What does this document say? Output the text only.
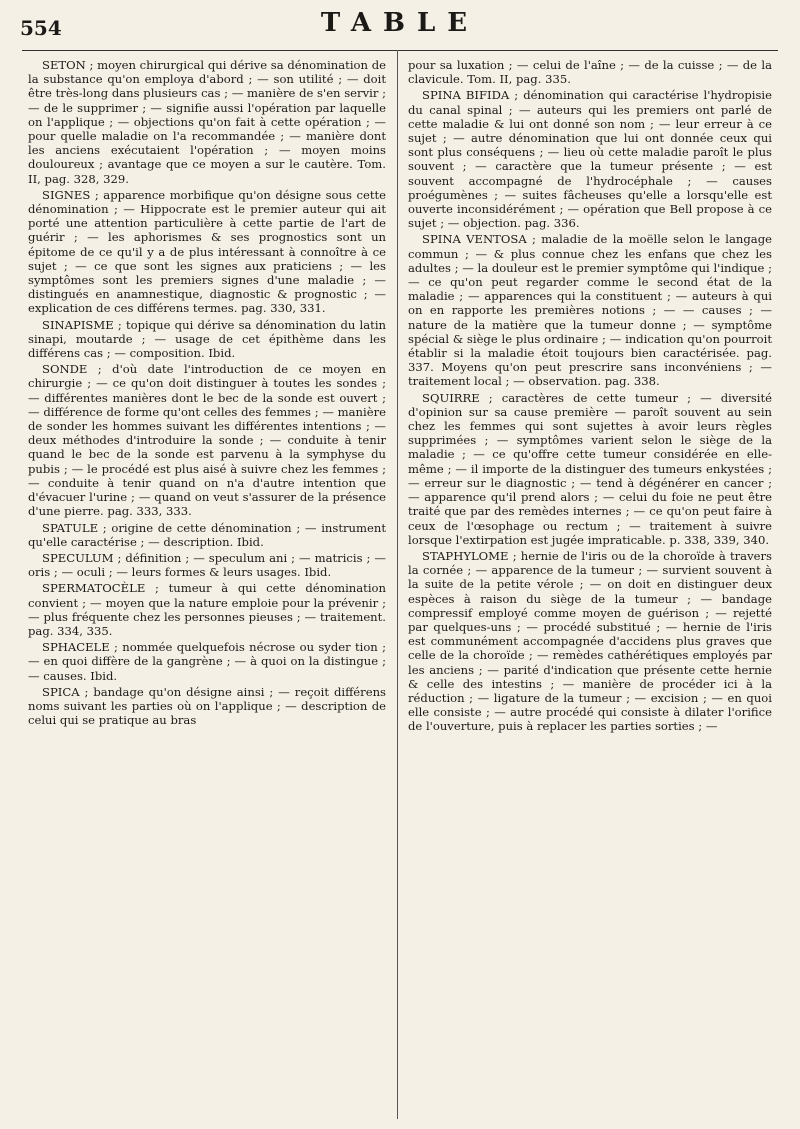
554	TABLE

SETON ; moyen chirurgical qui dérive sa dénomination de la substance qu'on employa d'abord ; — son utilité ; — doit être très-long dans plusieurs cas ; — manière de s'en servir ; — de le supprimer ; — signifie aussi l'opération par laquelle on l'applique ; — objections qu'on fait à cette opération ; — pour quelle maladie on l'a recommandée ; — manière dont les anciens exécutaient l'opération ; — moyen moins douloureux ; avantage que ce moyen a sur le cautère. Tom. II, pag. 328, 329.

SIGNES ; apparence morbifique qu'on désigne sous cette dénomination ; — Hippocrate est le premier auteur qui ait porté une attention particulière à cette partie de l'art de guérir ; — les aphorismes & ses prognostics sont un épitome de ce qu'il y a de plus intéressant à connoître à ce sujet ; — ce que sont les signes aux praticiens ; — les symptômes sont les premiers signes d'une maladie ; — distingués en anamnestique, diagnostic & prognostic ; — explication de ces différens termes. pag. 330, 331.

SINAPISME ; topique qui dérive sa dénomination du latin sinapi, moutarde ; — usage de cet épithème dans les différens cas ; — composition. Ibid.

SONDE ; d'où date l'introduction de ce moyen en chirurgie ; — ce qu'on doit distinguer à toutes les sondes ; — différentes manières dont le bec de la sonde est ouvert ; — différence de forme qu'ont celles des femmes ; — manière de sonder les hommes suivant les différentes intentions ; — deux méthodes d'introduire la sonde ; — conduite à tenir quand le bec de la sonde est parvenu à la symphyse du pubis ; — le procédé est plus aisé à suivre chez les femmes ; — conduite à tenir quand on n'a d'autre intention que d'évacuer l'urine ; — quand on veut s'assurer de la présence d'une pierre. pag. 333, 333.

SPATULE ; origine de cette dénomination ; — instrument qu'elle caractérise ; — description. Ibid.

SPECULUM ; définition ; — speculum ani ; — matricis ; — oris ; — oculi ; — leurs formes & leurs usages. Ibid.

SPERMATOCÈLE ; tumeur à qui cette dénomination convient ; — moyen que la nature emploie pour la prévenir ; — plus fréquente chez les personnes pieuses ; — traitement. pag. 334, 335.

SPHACELE ; nommée quelquefois nécrose ou syder tion ; — en quoi diffère de la gangrène ; — à quoi on la distingue ; — causes. Ibid.

SPICA ; bandage qu'on désigne ainsi ; — reçoit différens noms suivant les parties où on l'applique ; — description de celui qui se pratique au bras

pour sa luxation ; — celui de l'aîne ; — de la cuisse ; — de la clavicule. Tom. II, pag. 335.

SPINA BIFIDA ; dénomination qui caractérise l'hydropisie du canal spinal ; — auteurs qui les premiers ont parlé de cette maladie & lui ont donné son nom ; — leur erreur à ce sujet ; — autre dénomination que lui ont donnée ceux qui sont plus conséquens ; — lieu où cette maladie paroît le plus souvent ; — caractère que la tumeur présente ; — est souvent accompagné de l'hydrocéphale ; — causes proégumènes ; — suites fâcheuses qu'elle a lorsqu'elle est ouverte inconsidérément ; — opération que Bell propose à ce sujet ; — objection. pag. 336.

SPINA VENTOSA ; maladie de la moëlle selon le langage commun ; — & plus connue chez les enfans que chez les adultes ; — la douleur est le premier symptôme qui l'indique ; — ce qu'on peut regarder comme le second état de la maladie ; — apparences qui la constituent ; — auteurs à qui on en rapporte les premières notions ; — — causes ; — nature de la matière que la tumeur donne ; — symptôme spécial & siège le plus ordinaire ; — indication qu'on pourroit établir si la maladie étoit toujours bien caractérisée. pag. 337. Moyens qu'on peut prescrire sans inconvéniens ; — traitement local ; — observation. pag. 338.

SQUIRRE ; caractères de cette tumeur ; — diversité d'opinion sur sa cause première — paroît souvent au sein chez les femmes qui sont sujettes à avoir leurs règles supprimées ; — symptômes varient selon le siège de la maladie ; — ce qu'offre cette tumeur considérée en elle-même ; — il importe de la distinguer des tumeurs enkystées ; — erreur sur le diagnostic ; — tend à dégénérer en cancer ; — apparence qu'il prend alors ; — celui du foie ne peut être traité que par des remèdes internes ; — ce qu'on peut faire à ceux de l'œsophage ou rectum ; — traitement à suivre lorsque l'extirpation est jugée impraticable. p. 338, 339, 340.

STAPHYLOME ; hernie de l'iris ou de la choroïde à travers la cornée ; — apparence de la tumeur ; — survient souvent à la suite de la petite vérole ; — on doit en distinguer deux espèces à raison du siège de la tumeur ; — bandage compressif employé comme moyen de guérison ; — rejetté par quelques-uns ; — procédé substitué ; — hernie de l'iris est communément accompagnée d'accidens plus graves que celle de la choroïde ; — remèdes cathérétiques employés par les anciens ; — parité d'indication que présente cette hernie & celle des intestins ; — manière de procéder ici à la réduction ; — ligature de la tumeur ; — excision ; — en quoi elle consiste ; — autre procédé qui consiste à dilater l'orifice de l'ouverture, puis à replacer les parties sorties ; —
